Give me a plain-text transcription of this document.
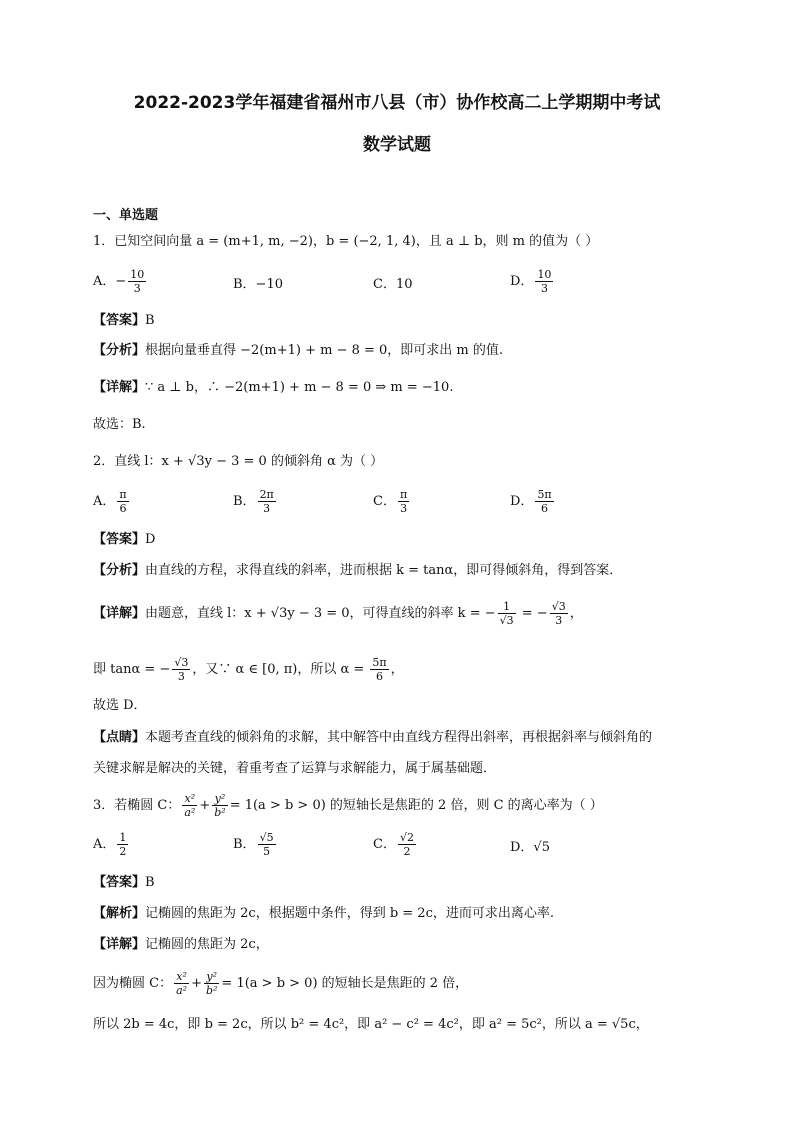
2022-2023学年福建省福州市八县（市）协作校高二上学期期中考试
数学试题
一、单选题
1．已知空间向量 a = (m+1, m, −2)，b = (−2, 1, 4)，且 a ⊥ b，则 m 的值为（ ）
A．− $\frac{10}{3}$	B．−10	C．10	D． $\frac{10}{3}$
【答案】B
【分析】根据向量垂直得 −2(m+1) + m − 8 = 0，即可求出 m 的值.
【详解】∵ a ⊥ b，∴ −2(m+1) + m − 8 = 0 ⇒ m = −10.
故选：B.
2．直线 l：x + √3y − 3 = 0 的倾斜角 α 为（ ）
A． $\frac{\pi}{6}$	B． $\frac{2\pi}{3}$	C． $\frac{\pi}{3}$	D． $\frac{5\pi}{6}$
【答案】D
【分析】由直线的方程，求得直线的斜率，进而根据 k = tanα，即可得倾斜角，得到答案．
【详解】由题意，直线 l：x + √3y − 3 = 0，可得直线的斜率 k = − $\frac{1}{√3}$ = − $\frac{√3}{3}$ ，
即 tanα = − $\frac{√3}{3}$ ，又∵ α ∈ [0, π)，所以 $\alpha = \frac{5\pi}{6}$ ，
故选 D．
【点睛】本题考查直线的倾斜角的求解，其中解答中由直线方程得出斜率，再根据斜率与倾斜角的
关键求解是解决的关键，着重考查了运算与求解能力，属于属基础题．
3．若椭圆 C： $\frac{\text{x²}}{\text{a²}} + \frac{\text{y²}}{\text{b²}} = 1(a > b > 0)$ 的短轴长是焦距的 2 倍，则 C 的离心率为（ ）
A． $\frac{1}{2}$	B． $\frac{√5}{5}$	C． $\frac{√2}{2}$	D．√5
【答案】B
【解析】记椭圆的焦距为 2c，根据题中条件，得到 b = 2c，进而可求出离心率.
【详解】记椭圆的焦距为 2c，
因为椭圆 C： $\frac{\text{x²}}{\text{a²}} + \frac{\text{y²}}{\text{b²}} = 1(a > b > 0)$ 的短轴长是焦距的 2 倍，
所以 2b = 4c，即 b = 2c，所以 b² = 4c²，即 a² − c² = 4c²，即 a² = 5c²，所以 a = √5c，
